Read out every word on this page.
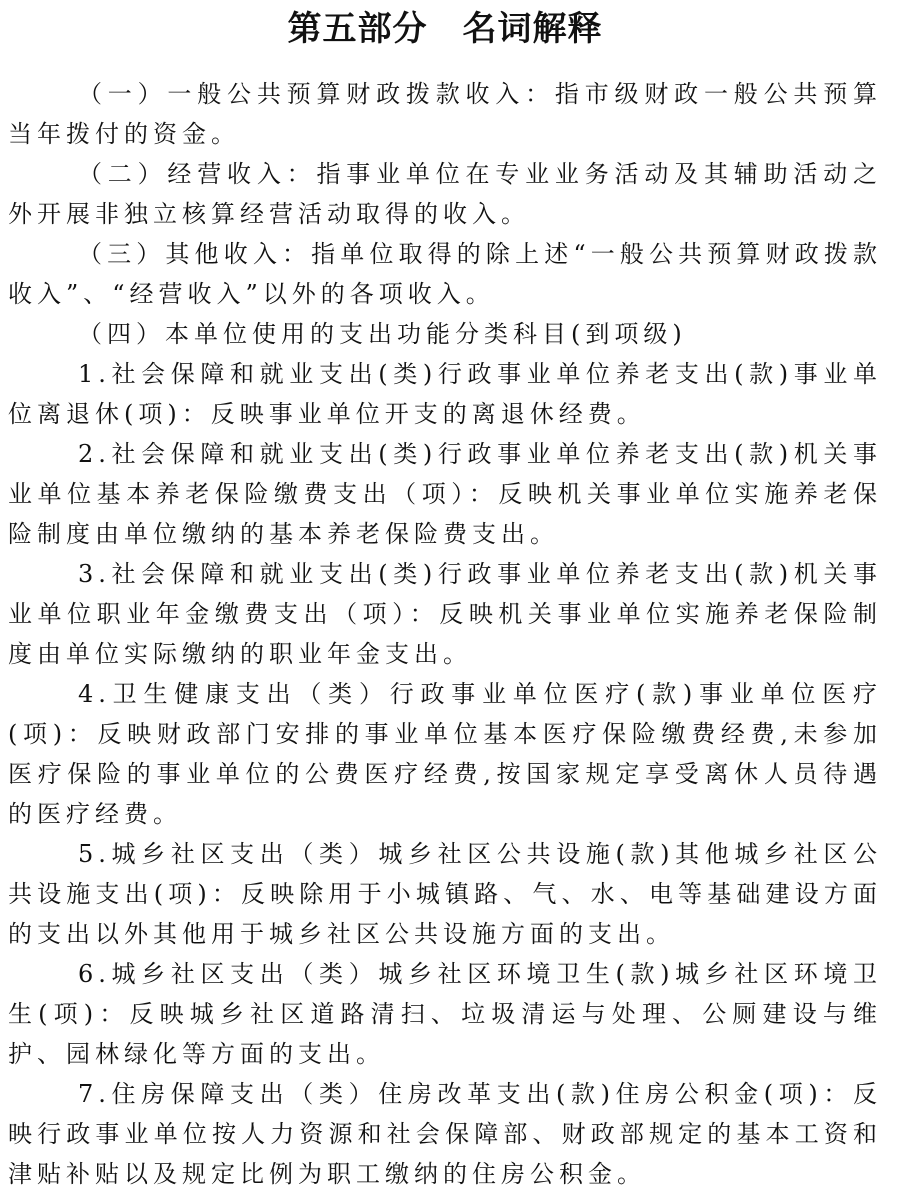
第五部分　名词解释

（一）一般公共预算财政拨款收入：指市级财政一般公共预算当年拨付的资金。

（二）经营收入：指事业单位在专业业务活动及其辅助活动之外开展非独立核算经营活动取得的收入。

（三）其他收入：指单位取得的除上述“一般公共预算财政拨款收入”、“经营收入”以外的各项收入。

（四）本单位使用的支出功能分类科目(到项级)

1.社会保障和就业支出(类)行政事业单位养老支出(款)事业单位离退休(项)：反映事业单位开支的离退休经费。

2.社会保障和就业支出(类)行政事业单位养老支出(款)机关事业单位基本养老保险缴费支出（项）：反映机关事业单位实施养老保险制度由单位缴纳的基本养老保险费支出。

3.社会保障和就业支出(类)行政事业单位养老支出(款)机关事业单位职业年金缴费支出（项）：反映机关事业单位实施养老保险制度由单位实际缴纳的职业年金支出。

4.卫生健康支出（类）行政事业单位医疗(款)事业单位医疗(项)：反映财政部门安排的事业单位基本医疗保险缴费经费,未参加医疗保险的事业单位的公费医疗经费,按国家规定享受离休人员待遇的医疗经费。

5.城乡社区支出（类）城乡社区公共设施(款)其他城乡社区公共设施支出(项)：反映除用于小城镇路、气、水、电等基础建设方面的支出以外其他用于城乡社区公共设施方面的支出。

6.城乡社区支出（类）城乡社区环境卫生(款)城乡社区环境卫生(项)：反映城乡社区道路清扫、垃圾清运与处理、公厕建设与维护、园林绿化等方面的支出。

7.住房保障支出（类）住房改革支出(款)住房公积金(项)：反映行政事业单位按人力资源和社会保障部、财政部规定的基本工资和津贴补贴以及规定比例为职工缴纳的住房公积金。
